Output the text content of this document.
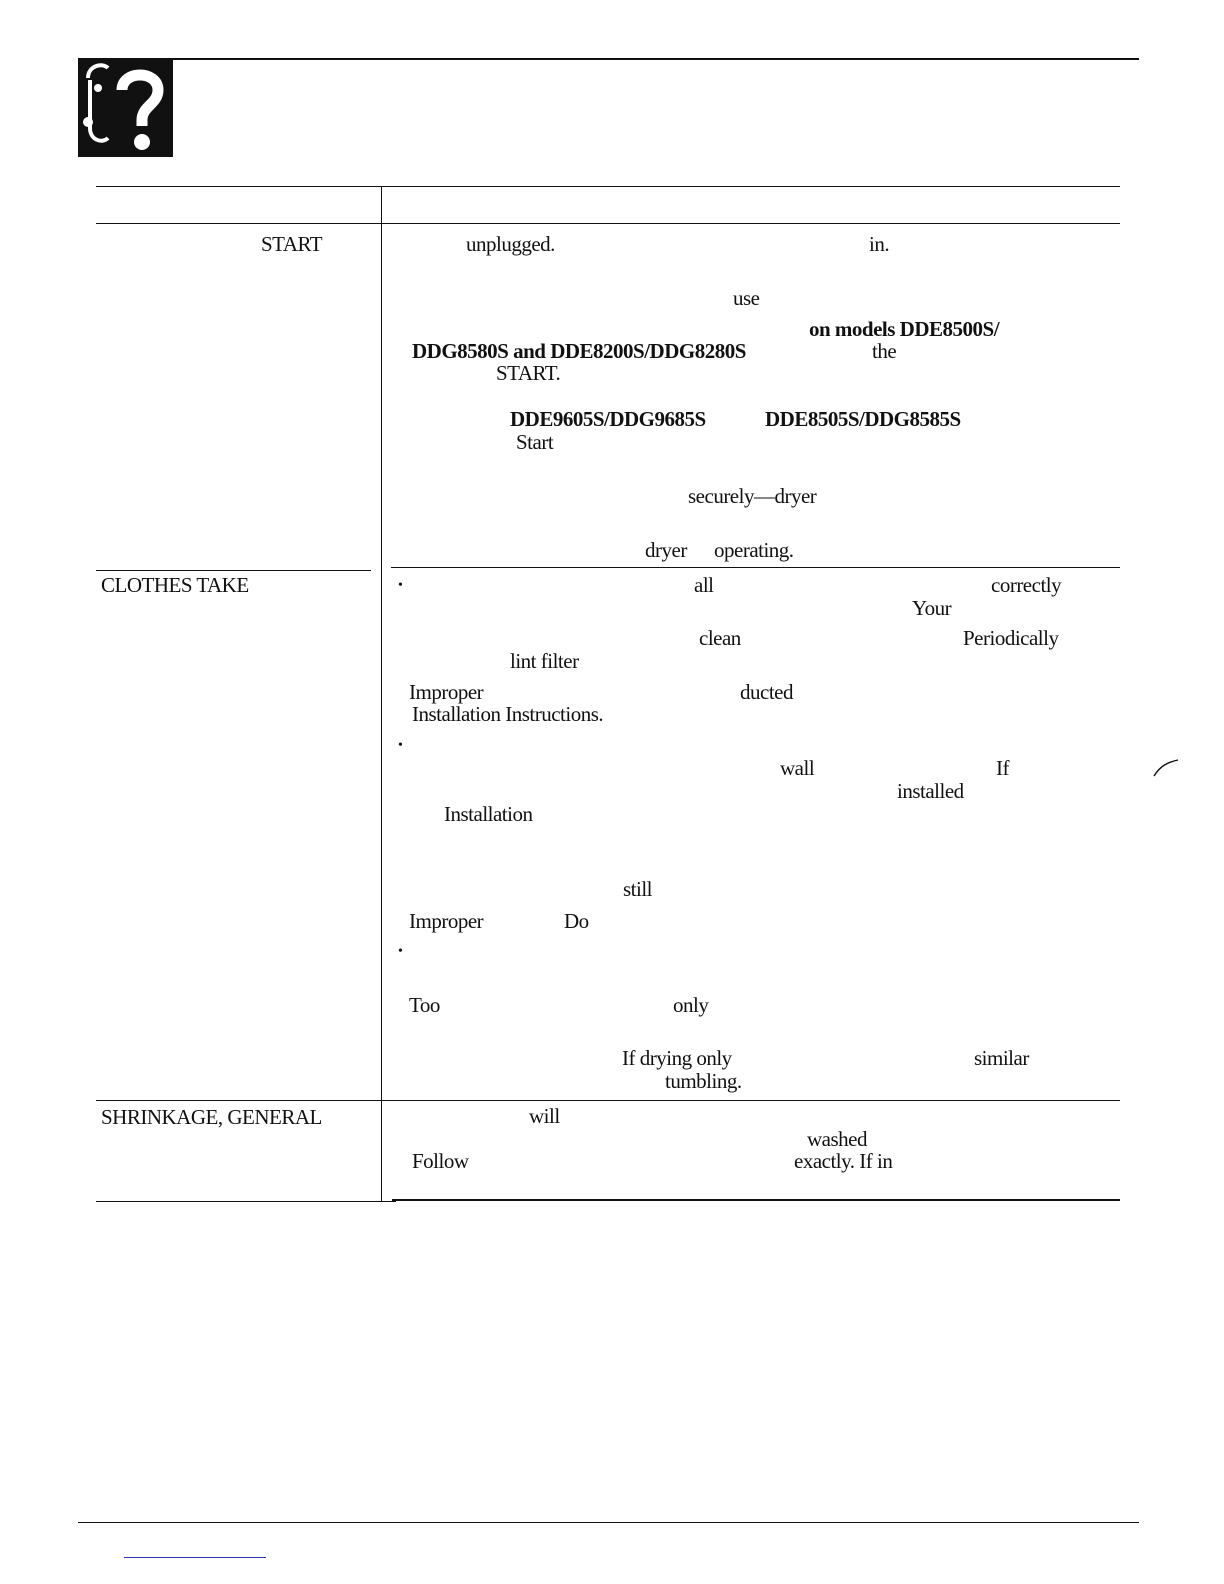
START	unplugged.	in.
use
on models DDE8500S/
DDG8580S and DDE8200S/DDG8280S	the
START.
DDE9605S/DDG9685S	DDE8505S/DDG8585S
Start
securely—dryer
dryer operating.
CLOTHES TAKE	•	all	correctly
Your
clean	Periodically
lint filter
Improper	ducted
Installation Instructions.
•
wall	If
installed
Installation
still
Improper	Do
•
Too	only
If drying only	similar
tumbling.
SHRINKAGE, GENERAL	will
washed
Follow	exactly. If in
